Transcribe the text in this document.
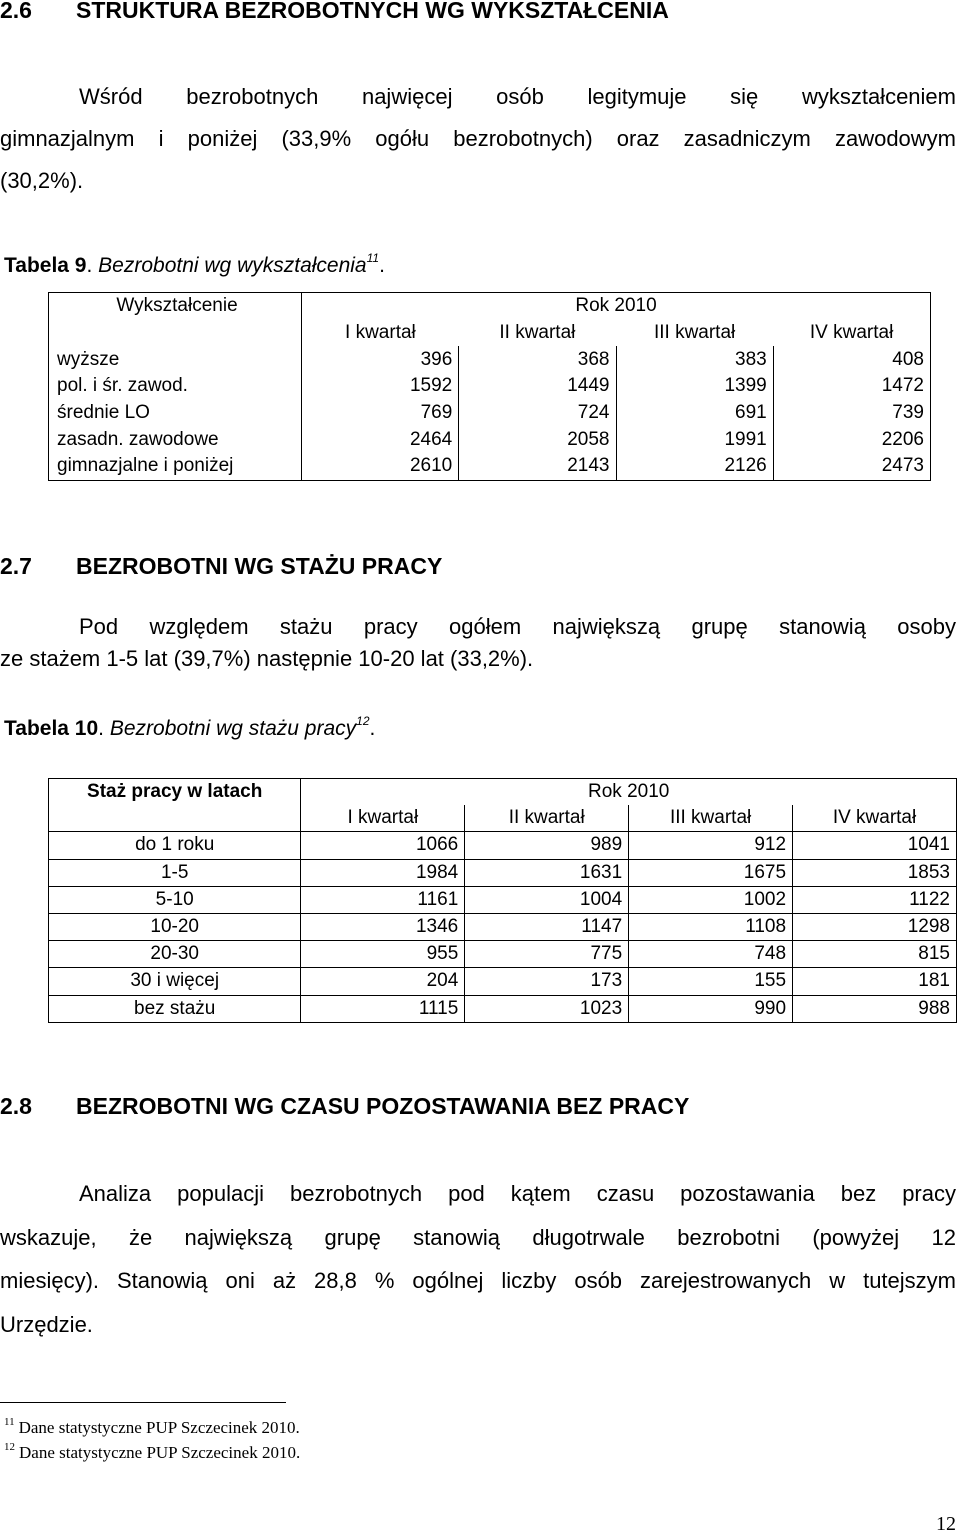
2.6 STRUKTURA BEZROBOTNYCH WG WYKSZTAŁCENIA
Wśród bezrobotnych najwięcej osób legitymuje się wykształceniem
gimnazjalnym i poniżej (33,9% ogółu bezrobotnych) oraz zasadniczym zawodowym
(30,2%).
Tabela 9. Bezrobotni wg wykształcenia$^{11}$.
Wykształcenie	Rok 2010			
	I kwartał	II kwartał	III kwartał	IV kwartał
wyższe	396	368	383	408
pol. i śr. zawod.	1592	1449	1399	1472
średnie LO	769	724	691	739
zasadn. zawodowe	2464	2058	1991	2206
gimnazjalne i poniżej	2610	2143	2126	2473
2.7 BEZROBOTNI WG STAŻU PRACY
Pod względem stażu pracy ogółem największą grupę stanowią osoby
ze stażem 1-5 lat (39,7%) następnie 10-20 lat (33,2%).
Tabela 10. Bezrobotni wg stażu pracy$^{12}$.
Staż pracy w latach	Rok 2010			
	I kwartał	II kwartał	III kwartał	IV kwartał
do 1 roku	1066	989	912	1041
1-5	1984	1631	1675	1853
5-10	1161	1004	1002	1122
10-20	1346	1147	1108	1298
20-30	955	775	748	815
30 i więcej	204	173	155	181
bez stażu	1115	1023	990	988
2.8 BEZROBOTNI WG CZASU POZOSTAWANIA BEZ PRACY
Analiza populacji bezrobotnych pod kątem czasu pozostawania bez pracy
wskazuje, że największą grupę stanowią długotrwale bezrobotni (powyżej 12
miesięcy). Stanowią oni aż 28,8 % ogólnej liczby osób zarejestrowanych w tutejszym
Urzędzie.
$^{11}$ Dane statystyczne PUP Szczecinek 2010.
$^{12}$ Dane statystyczne PUP Szczecinek 2010.
12
